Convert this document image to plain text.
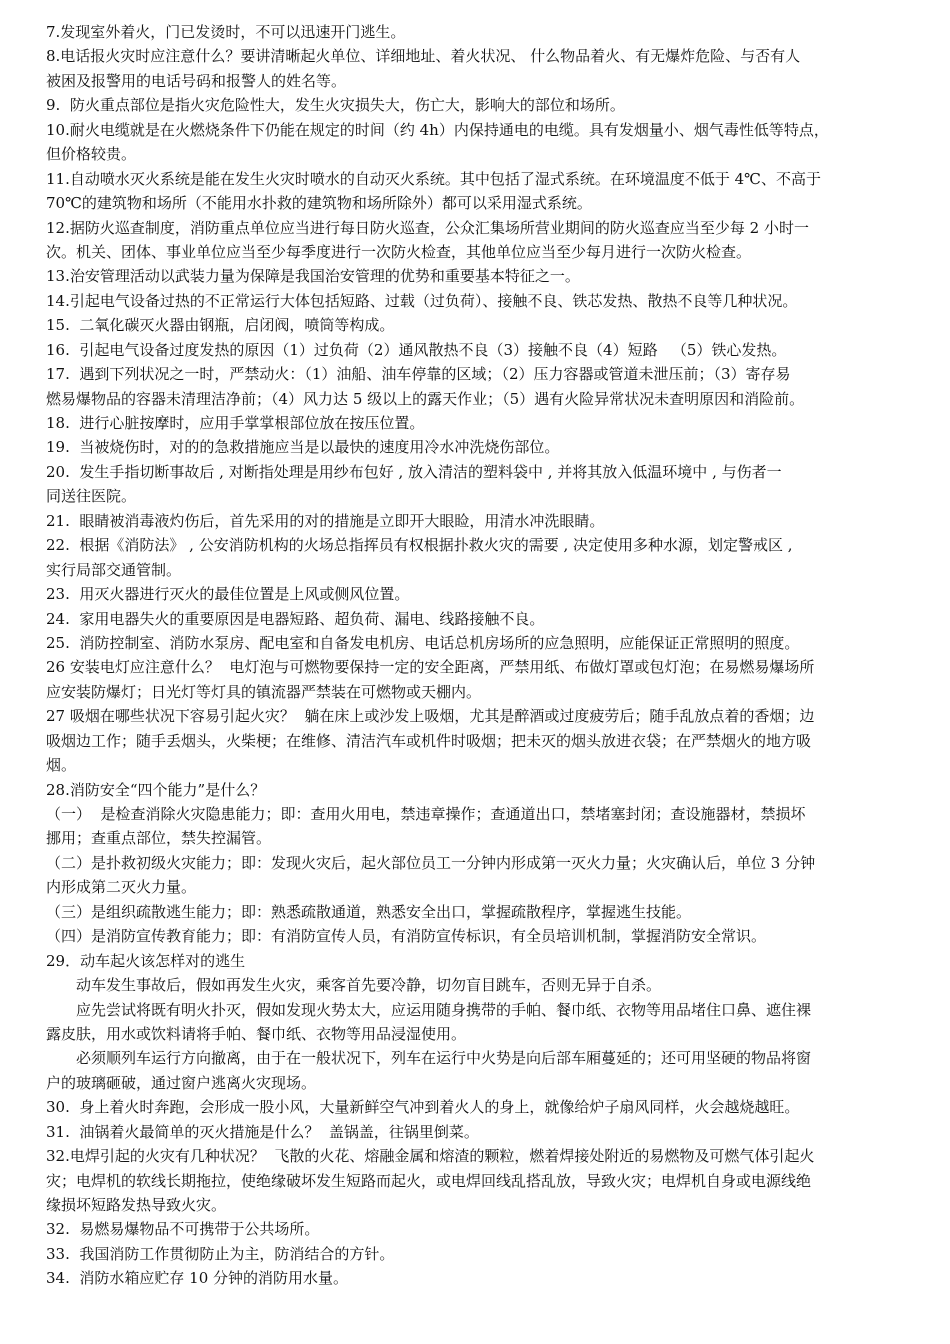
7.发现室外着火，门已发烫时，不可以迅速开门逃生。
8.电话报火灾时应注意什么？要讲清晰起火单位、详细地址、着火状况、 什么物品着火、有无爆炸危险、与否有人
被困及报警用的电话号码和报警人的姓名等。
9.  防火重点部位是指火灾危险性大，发生火灾损失大，伤亡大，影响大的部位和场所。
10.耐火电缆就是在火燃烧条件下仍能在规定的时间（约 4h）内保持通电的电缆。具有发烟量小、烟气毒性低等特点，
但价格较贵。
11.自动喷水灭火系统是能在发生火灾时喷水的自动灭火系统。其中包括了湿式系统。在环境温度不低于 4℃、不高于
70℃的建筑物和场所（不能用水扑救的建筑物和场所除外）都可以采用湿式系统。
12.据防火巡查制度，消防重点单位应当进行每日防火巡查，公众汇集场所营业期间的防火巡查应当至少每 2 小时一
次。机关、团体、事业单位应当至少每季度进行一次防火检查，其他单位应当至少每月进行一次防火检查。
13.治安管理活动以武装力量为保障是我国治安管理的优势和重要基本特征之一。
14.引起电气设备过热的不正常运行大体包括短路、过载（过负荷）、接触不良、铁芯发热、散热不良等几种状况。
15.  二氧化碳灭火器由钢瓶，启闭阀，喷筒等构成。
16.  引起电气设备过度发热的原因（1）过负荷（2）通风散热不良（3）接触不良（4）短路   （5）铁心发热。
17.  遇到下列状况之一时，严禁动火：（1）油船、油车停靠的区域；（2）压力容器或管道未泄压前；（3）寄存易
燃易爆物品的容器未清理洁净前；（4）风力达 5 级以上的露天作业；（5）遇有火险异常状况未查明原因和消险前。
18.  进行心脏按摩时，应用手掌掌根部位放在按压位置。
19.  当被烧伤时，对的的急救措施应当是以最快的速度用冷水冲洗烧伤部位。
20.  发生手指切断事故后 , 对断指处理是用纱布包好 , 放入清洁的塑料袋中 , 并将其放入低温环境中 , 与伤者一
同送往医院。
21.  眼睛被消毒液灼伤后，首先采用的对的措施是立即开大眼睑，用清水冲洗眼睛。
22.  根据《消防法》 , 公安消防机构的火场总指挥员有权根据扑救火灾的需要 , 决定使用多种水源，划定警戒区 ,
实行局部交通管制。
23.  用灭火器进行灭火的最佳位置是上风或侧风位置。
24.  家用电器失火的重要原因是电器短路、超负荷、漏电、线路接触不良。
25.  消防控制室、消防水泵房、配电室和自备发电机房、电话总机房场所的应急照明，应能保证正常照明的照度。
26 安装电灯应注意什么？  电灯泡与可燃物要保持一定的安全距离，严禁用纸、布做灯罩或包灯泡；在易燃易爆场所
应安装防爆灯；日光灯等灯具的镇流器严禁装在可燃物或天棚内。
27 吸烟在哪些状况下容易引起火灾？  躺在床上或沙发上吸烟，尤其是醉酒或过度疲劳后；随手乱放点着的香烟；边
吸烟边工作；随手丢烟头，火柴梗；在维修、清洁汽车或机件时吸烟；把未灭的烟头放进衣袋；在严禁烟火的地方吸
烟。
28.消防安全“四个能力”是什么？
（一）  是检查消除火灾隐患能力；即：查用火用电，禁违章操作；查通道出口，禁堵塞封闭；查设施器材，禁损坏
挪用；查重点部位，禁失控漏管。
（二）是扑救初级火灾能力；即：发现火灾后，起火部位员工一分钟内形成第一灭火力量；火灾确认后，单位 3 分钟
内形成第二灭火力量。
（三）是组织疏散逃生能力；即：熟悉疏散通道，熟悉安全出口，掌握疏散程序，掌握逃生技能。
（四）是消防宣传教育能力；即：有消防宣传人员，有消防宣传标识，有全员培训机制，掌握消防安全常识。
29．动车起火该怎样对的逃生
动车发生事故后，假如再发生火灾，乘客首先要冷静，切勿盲目跳车，否则无异于自杀。
应先尝试将既有明火扑灭，假如发现火势太大，应运用随身携带的手帕、餐巾纸、衣物等用品堵住口鼻、遮住裸
露皮肤，用水或饮料请将手帕、餐巾纸、衣物等用品浸湿使用。
必须顺列车运行方向撤离，由于在一般状况下，列车在运行中火势是向后部车厢蔓延的；还可用坚硬的物品将窗
户的玻璃砸破，通过窗户逃离火灾现场。
30.  身上着火时奔跑，会形成一股小风，大量新鲜空气冲到着火人的身上，就像给炉子扇风同样，火会越烧越旺。
31.  油锅着火最简单的灭火措施是什么？  盖锅盖，往锅里倒菜。
32.电焊引起的火灾有几种状况？  飞散的火花、熔融金属和熔渣的颗粒，燃着焊接处附近的易燃物及可燃气体引起火
灾；电焊机的软线长期拖拉，使绝缘破坏发生短路而起火，或电焊回线乱搭乱放，导致火灾；电焊机自身或电源线绝
缘损坏短路发热导致火灾。
32.  易燃易爆物品不可携带于公共场所。
33.  我国消防工作贯彻防止为主，防消结合的方针。
34.  消防水箱应贮存 10 分钟的消防用水量。
